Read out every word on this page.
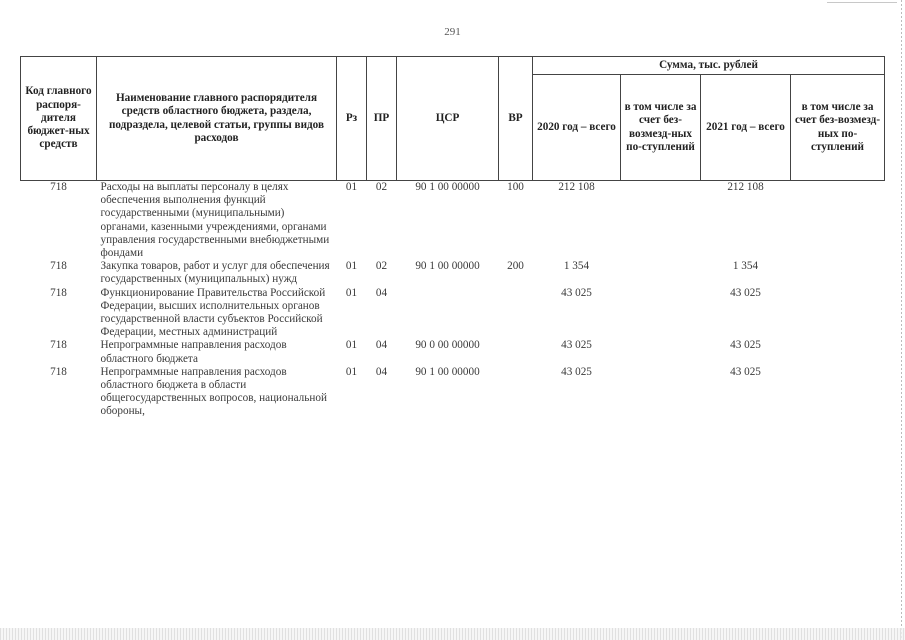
291
Код главного распоря-дителя бюджет-ных средств	Наименование главного распорядителя средств областного бюджета, раздела, подраздела, целевой статьи, группы видов расходов	Рз	ПР	ЦСР	ВР	Сумма, тыс. рублей			
						2020 год – всего	в том числе за счет без-возмезд-ных по-ступлений	2021 год – всего	в том числе за счет без-возмезд-ных по-ступлений
718	Расходы на выплаты персоналу в целях обеспечения выполнения функций государственными (муниципальными) органами, казенными учреждениями, органами управления государственными внебюджетными фондами	01	02	90 1 00 00000	100	212 108		212 108	
718	Закупка товаров, работ и услуг для обеспечения государственных (муниципальных) нужд	01	02	90 1 00 00000	200	1 354		1 354	
718	Функционирование Правительства Российской Федерации, высших исполнительных органов государственной власти субъектов Российской Федерации, местных администраций	01	04			43 025		43 025	
718	Непрограммные направления расходов областного бюджета	01	04	90 0 00 00000		43 025		43 025	
718	Непрограммные направления расходов областного бюджета в области общегосударственных вопросов, национальной обороны,	01	04	90 1 00 00000		43 025		43 025	
